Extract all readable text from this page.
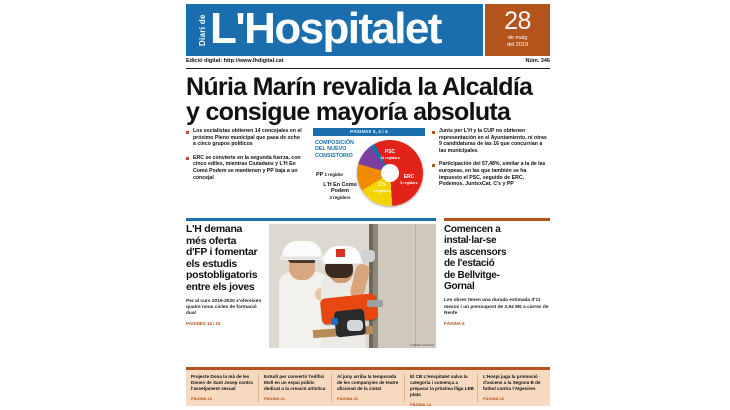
Diari de L'Hospitalet	28
de maig
del 2019
Edició digital: http://www.lhdigital.cat	Núm. 346
Núria Marín revalida la Alcaldía
y consigue mayoría absoluta

Los socialistas obtienen 14 concejales en el próximo Pleno municipal que pasa de ocho a cinco grupos políticos

ERC se convierte en la segunda fuerza, con cinco ediles, mientras Ciutadans y L'H En Comú Podem se mantienen y PP baja a un concejal

PÁGINAS 3, 4 i 5
COMPOSICIÓN DEL NUEVO CONSISTORIO
PP 1 regidor
L'H En Comú Podem
3 regidors
PSC
14 regidors
ERC
5 regidors
C's
4 regidors

Junts per L'H y la CUP no obtienen representación en el Ayuntamiento, ni otras 9 candidaturas de las 16 que concurrían a las municipales

Participación del 57,48%, similar a la de las europeas, en las que también se ha impuesto el PSC, seguido de ERC, Podemos, JuntsxCat, C's y PP

L'H demana
més oferta
d'FP i fomentar
els estudis
postobligatoris
entre els joves
Per al curs 2019-2020 s'ofereixen quatre nous cicles de formació dual
PÀGINES 14 i 15
GABRIEL CAZADO
Comencen a
instal·lar-se
els ascensors
de l'estació
de Bellvitge-
Gornal
Les obres tenen una durada estimada d'11 mesos i un pressupost de 2,94 M€ a càrrec de Renfe
PÀGINA 6

Projecte Dona la mà de les Dones de Sant Josep contra l'assetjament sexual

PÀGINA 16

Estudi per convertir l'edifici Moll en un espai públic dedicat a la creació artística

PÀGINA 21

Al juny arriba la temporada de les companyies de teatre aficionat de la ciutat

PÀGINA 20

El CB L'Hospitalet salva la categoria i comença a preparar la pròxima lliga LEB plata

PÀGINA 24

L'Hospi juga la promoció d'ascens a la Segona B de futbol contra l'Algesires

PÀGINA 26
